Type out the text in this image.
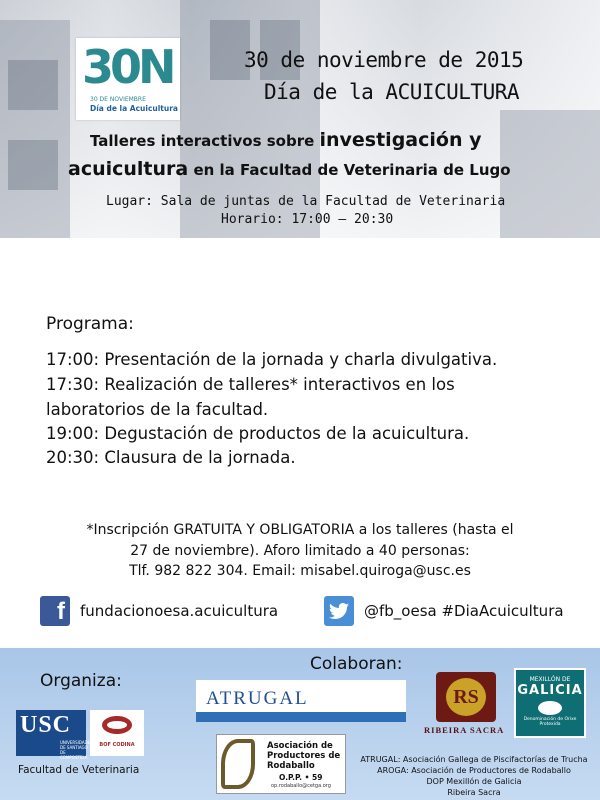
30N
30 DE NOVIEMBRE
Día de la Acuicultura
30 de noviembre de 2015
Día de la ACUICULTURA
Talleres interactivos sobre investigación y
acuicultura en la Facultad de Veterinaria de Lugo
Lugar: Sala de juntas de la Facultad de Veterinaria
Horario: 17:00 – 20:30
Programa:
17:00: Presentación de la jornada y charla divulgativa.
17:30: Realización de talleres* interactivos en los
laboratorios de la facultad.
19:00: Degustación de productos de la acuicultura.
20:30: Clausura de la jornada.
*Inscripción GRATUITA Y OBLIGATORIA a los talleres (hasta el
27 de noviembre). Aforo limitado a 40 personas:
Tlf. 982 822 304. Email: misabel.quiroga@usc.es
f	fundacionoesa.acuicultura	@fb_oesa #DiaAcuicultura
Colaboran:
Organiza:
USC
UNIVERSIDADE DE SANTIAGO DE COMPOSTELA
BOF CODINA
Facultad de Veterinaria
ATRUGAL
Asociación de Productores de Rodaballo
O.P.P. • 59
op.rodaballo@cetga.org
RS
RIBEIRA SACRA
MEXILLÓN DE
GALICIA
Denominación de Orixe Protexida
ATRUGAL: Asociación Gallega de Piscifactorías de Trucha
AROGA: Asociación de Productores de Rodaballo
DOP Mexillón de Galicia
Ribeira Sacra
